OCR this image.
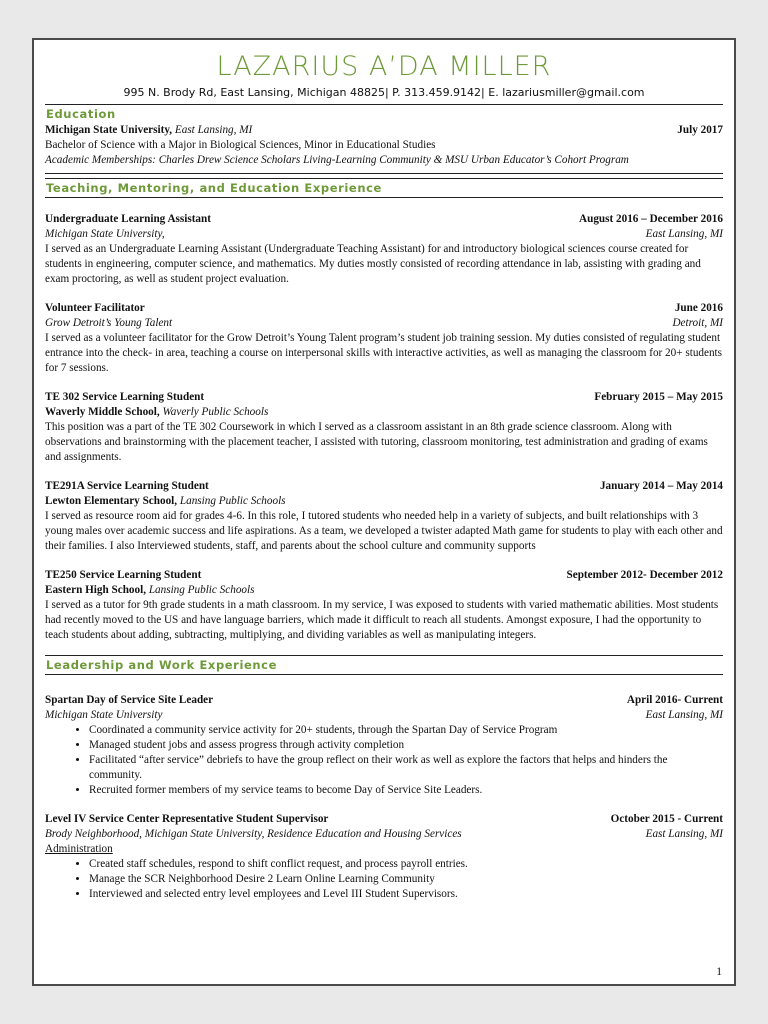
LAZARIUS A’DA MILLER
995 N. Brody Rd, East Lansing, Michigan 48825| P. 313.459.9142| E. lazariusmiller@gmail.com
Education
Michigan State University, East Lansing, MI	July 2017
Bachelor of Science with a Major in Biological Sciences, Minor in Educational Studies
Academic Memberships: Charles Drew Science Scholars Living-Learning Community & MSU Urban Educator’s Cohort Program
Teaching, Mentoring, and Education Experience
Undergraduate Learning Assistant	August 2016 – December 2016
Michigan State University,	East Lansing, MI

I served as an Undergraduate Learning Assistant (Undergraduate Teaching Assistant) for and introductory biological sciences course created for students in engineering, computer science, and mathematics. My duties mostly consisted of recording attendance in lab, assisting with grading and exam proctoring, as well as student project evaluation.

Volunteer Facilitator	June 2016
Grow Detroit’s Young Talent	Detroit, MI

I served as a volunteer facilitator for the Grow Detroit’s Young Talent program’s student job training session. My duties consisted of regulating student entrance into the check- in area, teaching a course on interpersonal skills with interactive activities, as well as managing the classroom for 20+ students for 7 sessions.

TE 302 Service Learning Student	February 2015 – May 2015
Waverly Middle School, Waverly Public Schools

This position was a part of the TE 302 Coursework in which I served as a classroom assistant in an 8th grade science classroom. Along with observations and brainstorming with the placement teacher, I assisted with tutoring, classroom monitoring, test administration and grading of exams and assignments.

TE291A Service Learning Student	January 2014 – May 2014
Lewton Elementary School, Lansing Public Schools

I served as resource room aid for grades 4-6. In this role, I tutored students who needed help in a variety of subjects, and built relationships with 3 young males over academic success and life aspirations. As a team, we developed a twister adapted Math game for students to play with each other and their families. I also Interviewed students, staff, and parents about the school culture and community supports

TE250 Service Learning Student	September 2012- December 2012
Eastern High School, Lansing Public Schools

I served as a tutor for 9th grade students in a math classroom. In my service, I was exposed to students with varied mathematic abilities. Most students had recently moved to the US and have language barriers, which made it difficult to reach all students. Amongst exposure, I had the opportunity to teach students about adding, subtracting, multiplying, and dividing variables as well as manipulating integers.

Leadership and Work Experience
Spartan Day of Service Site Leader	April 2016- Current
Michigan State University	East Lansing, MI
• Coordinated a community service activity for 20+ students, through the Spartan Day of Service Program
• Managed student jobs and assess progress through activity completion
• Facilitated “after service” debriefs to have the group reflect on their work as well as explore the factors that helps and hinders the community.
• Recruited former members of my service teams to become Day of Service Site Leaders.
Level IV Service Center Representative Student Supervisor	October 2015 - Current
Brody Neighborhood, Michigan State University, Residence Education and Housing Services	East Lansing, MI
Administration
• Created staff schedules, respond to shift conflict request, and process payroll entries.
• Manage the SCR Neighborhood Desire 2 Learn Online Learning Community
• Interviewed and selected entry level employees and Level III Student Supervisors.
1
